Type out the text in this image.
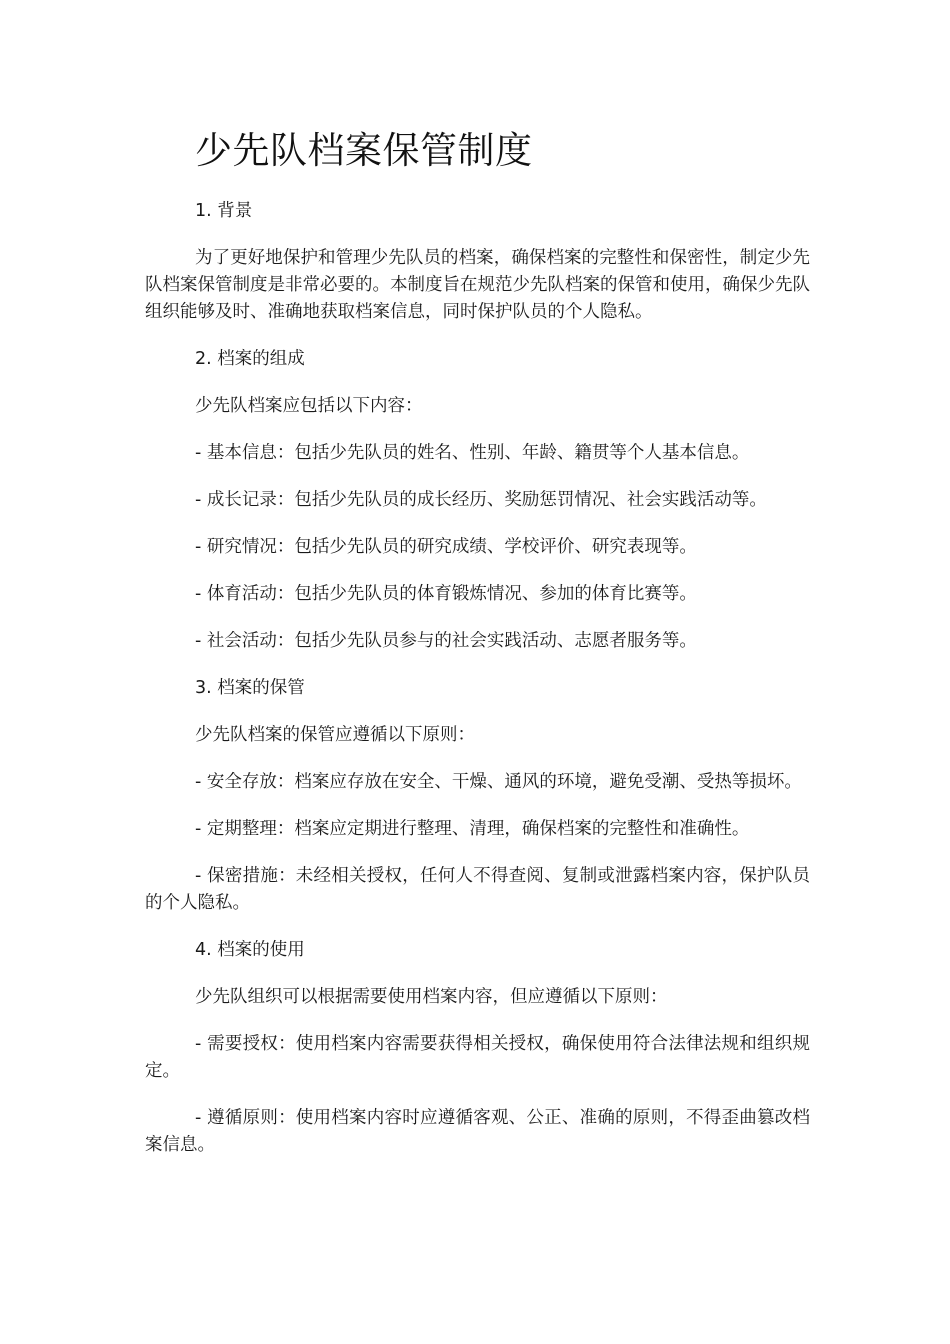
少先队档案保管制度

1. 背景

为了更好地保护和管理少先队员的档案，确保档案的完整性和保密性，制定少先队档案保管制度是非常必要的。本制度旨在规范少先队档案的保管和使用，确保少先队组织能够及时、准确地获取档案信息，同时保护队员的个人隐私。

2. 档案的组成

少先队档案应包括以下内容：

- 基本信息：包括少先队员的姓名、性别、年龄、籍贯等个人基本信息。

- 成长记录：包括少先队员的成长经历、奖励惩罚情况、社会实践活动等。

- 研究情况：包括少先队员的研究成绩、学校评价、研究表现等。

- 体育活动：包括少先队员的体育锻炼情况、参加的体育比赛等。

- 社会活动：包括少先队员参与的社会实践活动、志愿者服务等。

3. 档案的保管

少先队档案的保管应遵循以下原则：

- 安全存放：档案应存放在安全、干燥、通风的环境，避免受潮、受热等损坏。

- 定期整理：档案应定期进行整理、清理，确保档案的完整性和准确性。

- 保密措施：未经相关授权，任何人不得查阅、复制或泄露档案内容，保护队员的个人隐私。

4. 档案的使用

少先队组织可以根据需要使用档案内容，但应遵循以下原则：

- 需要授权：使用档案内容需要获得相关授权，确保使用符合法律法规和组织规定。

- 遵循原则：使用档案内容时应遵循客观、公正、准确的原则，不得歪曲篡改档案信息。
